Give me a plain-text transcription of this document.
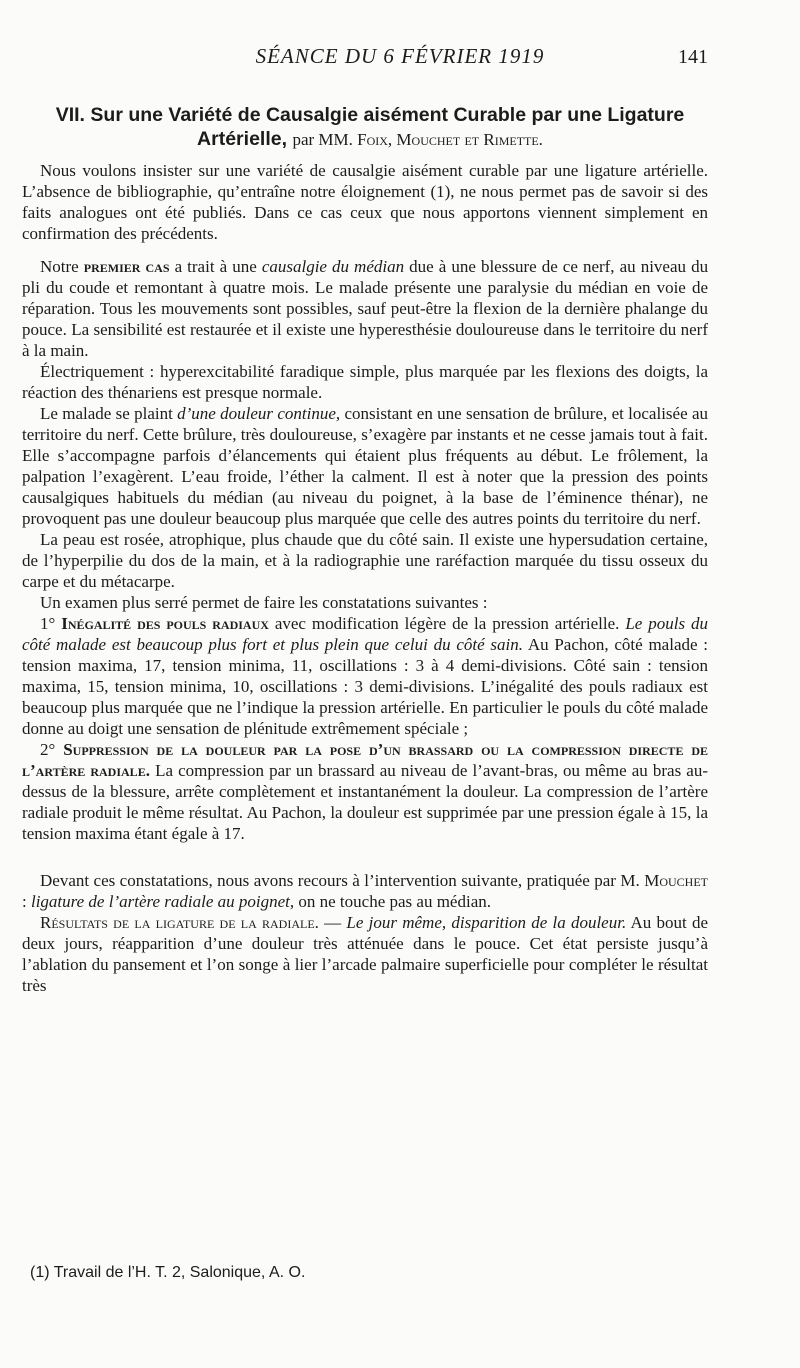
SÉANCE DU 6 FÉVRIER 1919	141
VII. Sur une Variété de Causalgie aisément Curable par une Ligature
Artérielle, par MM. Foix, Mouchet et Rimette.

Nous voulons insister sur une variété de causalgie aisément curable par une ligature artérielle. L’absence de bibliographie, qu’entraîne notre éloignement (1), ne nous permet pas de savoir si des faits analogues ont été publiés. Dans ce cas ceux que nous apportons viennent simplement en confirmation des précédents.

Notre premier cas a trait à une causalgie du médian due à une blessure de ce nerf, au niveau du pli du coude et remontant à quatre mois. Le malade présente une paralysie du médian en voie de réparation. Tous les mouvements sont possibles, sauf peut-être la flexion de la dernière phalange du pouce. La sensibilité est restaurée et il existe une hyperesthésie douloureuse dans le territoire du nerf à la main.

Électriquement : hyperexcitabilité faradique simple, plus marquée par les flexions des doigts, la réaction des thénariens est presque normale.

Le malade se plaint d’une douleur continue, consistant en une sensation de brûlure, et localisée au territoire du nerf. Cette brûlure, très douloureuse, s’exagère par instants et ne cesse jamais tout à fait. Elle s’accompagne parfois d’élancements qui étaient plus fréquents au début. Le frôlement, la palpation l’exagèrent. L’eau froide, l’éther la calment. Il est à noter que la pression des points causalgiques habituels du médian (au niveau du poignet, à la base de l’éminence thénar), ne provoquent pas une douleur beaucoup plus marquée que celle des autres points du territoire du nerf.

La peau est rosée, atrophique, plus chaude que du côté sain. Il existe une hypersudation certaine, de l’hyperpilie du dos de la main, et à la radiographie une raréfaction marquée du tissu osseux du carpe et du métacarpe.

Un examen plus serré permet de faire les constatations suivantes :

1° Inégalité des pouls radiaux avec modification légère de la pression artérielle. Le pouls du côté malade est beaucoup plus fort et plus plein que celui du côté sain. Au Pachon, côté malade : tension maxima, 17, tension minima, 11, oscillations : 3 à 4 demi-divisions. Côté sain : tension maxima, 15, tension minima, 10, oscillations : 3 demi-divisions. L’inégalité des pouls radiaux est beaucoup plus marquée que ne l’indique la pression artérielle. En particulier le pouls du côté malade donne au doigt une sensation de plénitude extrêmement spéciale ;

2° Suppression de la douleur par la pose d’un brassard ou la compression directe de l’artère radiale. La compression par un brassard au niveau de l’avant-bras, ou même au bras au-dessus de la blessure, arrête complètement et instantanément la douleur. La compression de l’artère radiale produit le même résultat. Au Pachon, la douleur est supprimée par une pression égale à 15, la tension maxima étant égale à 17.

Devant ces constatations, nous avons recours à l’intervention suivante, pratiquée par M. Mouchet : ligature de l’artère radiale au poignet, on ne touche pas au médian.

Résultats de la ligature de la radiale. — Le jour même, disparition de la douleur. Au bout de deux jours, réapparition d’une douleur très atténuée dans le pouce. Cet état persiste jusqu’à l’ablation du pansement et l’on songe à lier l’arcade palmaire superficielle pour compléter le résultat très

(1) Travail de l’H. T. 2, Salonique, A. O.
